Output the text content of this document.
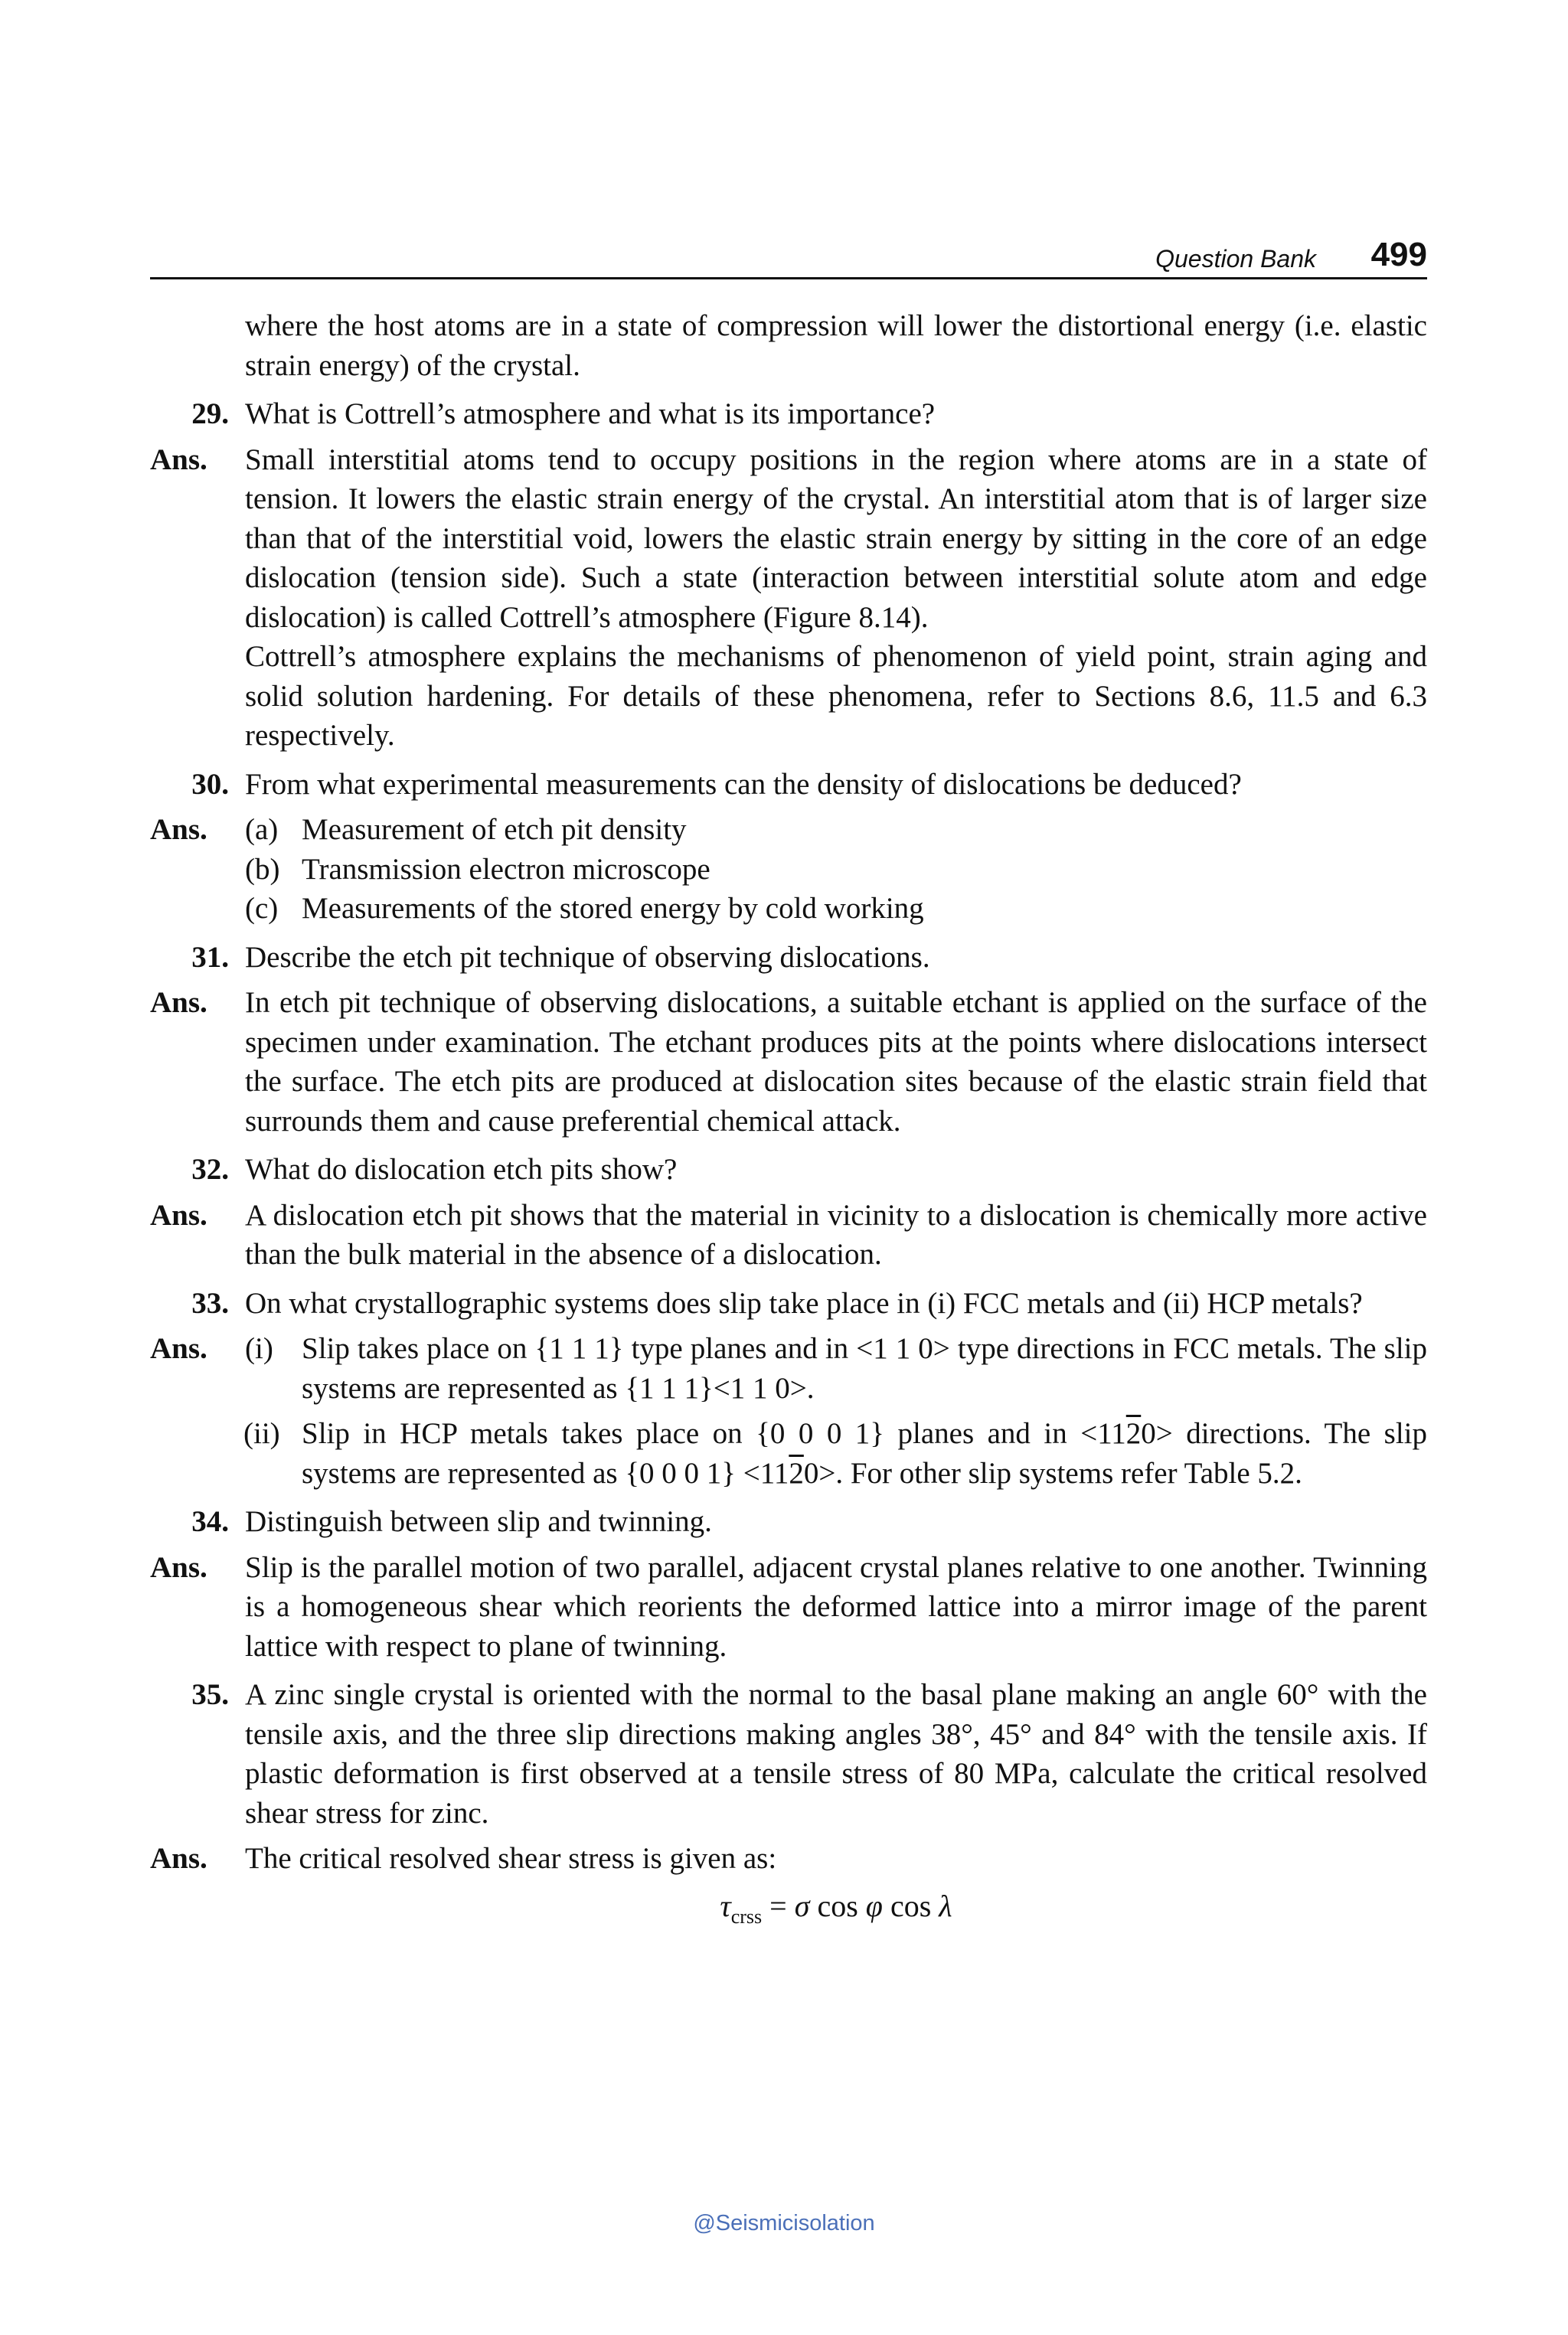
Question Bank 499

where the host atoms are in a state of compression will lower the distortional energy (i.e. elastic strain energy) of the crystal.

29. What is Cottrell’s atmosphere and what is its importance?
Ans. Small interstitial atoms tend to occupy positions in the region where atoms are in a state of tension. It lowers the elastic strain energy of the crystal. An interstitial atom that is of larger size than that of the interstitial void, lowers the elastic strain energy by sitting in the core of an edge dislocation (tension side). Such a state (interaction between interstitial solute atom and edge dislocation) is called Cottrell’s atmosphere (Figure 8.14).
Cottrell’s atmosphere explains the mechanisms of phenomenon of yield point, strain aging and solid solution hardening. For details of these phenomena, refer to Sections 8.6, 11.5 and 6.3 respectively.
30. From what experimental measurements can the density of dislocations be deduced?
Ans. (a) Measurement of etch pit density
(b) Transmission electron microscope
(c) Measurements of the stored energy by cold working
31. Describe the etch pit technique of observing dislocations.
Ans. In etch pit technique of observing dislocations, a suitable etchant is applied on the surface of the specimen under examination. The etchant produces pits at the points where dislocations intersect the surface. The etch pits are produced at dislocation sites because of the elastic strain field that surrounds them and cause preferential chemical attack.
32. What do dislocation etch pits show?
Ans. A dislocation etch pit shows that the material in vicinity to a dislocation is chemically more active than the bulk material in the absence of a dislocation.
33. On what crystallographic systems does slip take place in (i) FCC metals and (ii) HCP metals?
Ans. (i) Slip takes place on {1 1 1} type planes and in <1 1 0> type directions in FCC metals. The slip systems are represented as {1 1 1}<1 1 0>.
(ii) Slip in HCP metals takes place on {0 0 0 1} planes and in <1120> directions. The slip systems are represented as {0 0 0 1} <1120>. For other slip systems refer Table 5.2.
34. Distinguish between slip and twinning.
Ans. Slip is the parallel motion of two parallel, adjacent crystal planes relative to one another. Twinning is a homogeneous shear which reorients the deformed lattice into a mirror image of the parent lattice with respect to plane of twinning.
35. A zinc single crystal is oriented with the normal to the basal plane making an angle 60° with the tensile axis, and the three slip directions making angles 38°, 45° and 84° with the tensile axis. If plastic deformation is first observed at a tensile stress of 80 MPa, calculate the critical resolved shear stress for zinc.
Ans. The critical resolved shear stress is given as:
$\tau_{crss} = \sigma$ cos φ cos λ
@Seismicisolation
